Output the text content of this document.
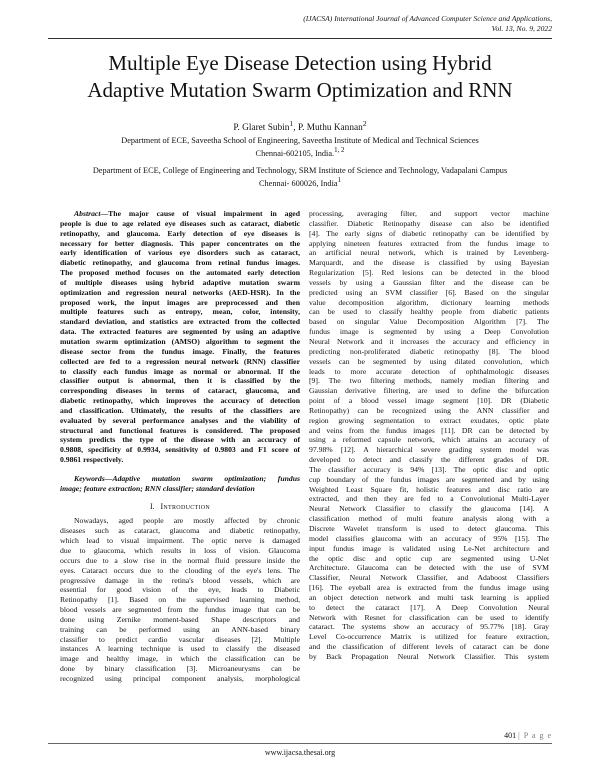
(IJACSA) International Journal of Advanced Computer Science and Applications,
Vol. 13, No. 9, 2022
Multiple Eye Disease Detection using Hybrid
Adaptive Mutation Swarm Optimization and RNN
P. Glaret Subin$^1$, P. Muthu Kannan$^2$
Department of ECE, Saveetha School of Engineering, Saveetha Institute of Medical and Technical Sciences
Chennai-602105, India.$^{1, 2}$
Department of ECE, College of Engineering and Technology, SRM Institute of Science and Technology, Vadapalani Campus
Chennai- 600026, India$^1$
Abstract—The major cause of visual impairment in aged
people is due to age related eye diseases such as cataract, diabetic
retinopathy, and glaucoma. Early detection of eye diseases is
necessary for better diagnosis. This paper concentrates on the
early identification of various eye disorders such as cataract,
diabetic retinopathy, and glaucoma from retinal fundus images.
The proposed method focuses on the automated early detection
of multiple diseases using hybrid adaptive mutation swarm
optimization and regression neural networks (AED-HSR). In the
proposed work, the input images are preprocessed and then
multiple features such as entropy, mean, color, intensity,
standard deviation, and statistics are extracted from the collected
data. The extracted features are segmented by using an adaptive
mutation swarm optimization (AMSO) algorithm to segment the
disease sector from the fundus image. Finally, the features
collected are fed to a regression neural network (RNN) classifier
to classify each fundus image as normal or abnormal. If the
classifier output is abnormal, then it is classified by the
corresponding diseases in terms of cataract, glaucoma, and
diabetic retinopathy, which improves the accuracy of detection
and classification. Ultimately, the results of the classifiers are
evaluated by several performance analyses and the viability of
structural and functional features is considered. The proposed
system predicts the type of the disease with an accuracy of
0.9808, specificity of 0.9934, sensitivity of 0.9803 and F1 score of
0.9861 respectively.
Keywords—Adaptive mutation swarm optimization; fundus
image; feature extraction; RNN classifier; standard deviation
I. Introduction
Nowadays, aged people are mostly affected by chronic
diseases such as cataract, glaucoma and diabetic retinopathy,
which lead to visual impairment. The optic nerve is damaged
due to glaucoma, which results in loss of vision. Glaucoma
occurs due to a slow rise in the normal fluid pressure inside the
eyes. Cataract occurs due to the clouding of the eye's lens. The
progressive damage in the retina's blood vessels, which are
essential for good vision of the eye, leads to Diabetic
Retinopathy [1]. Based on the supervised learning method,
blood vessels are segmented from the fundus image that can be
done using Zernike moment-based Shape descriptors and
training can be performed using an ANN-based binary
classifier to predict cardio vascular diseases [2]. Multiple
instances A learning technique is used to classify the diseased
image and healthy image, in which the classification can be
done by binary classification [3]. Microaneurysms can be
recognized using principal component analysis, morphological
processing, averaging filter, and support vector machine
classifier. Diabetic Retinopathy disease can also be identified
[4]. The early signs of diabetic retinopathy can be identified by
applying nineteen features extracted from the fundus image to
an artificial neural network, which is trained by Levenberg-
Marquardt, and the disease is classified by using Bayesian
Regularization [5]. Red lesions can be detected in the blood
vessels by using a Gaussian filter and the disease can be
predicted using an SVM classifier [6]. Based on the singular
value decomposition algorithm, dictionary learning methods
can be used to classify healthy people from diabetic patients
based on singular Value Decomposition Algorithm [7]. The
fundus image is segmented by using a Deep Convolution
Neural Network and it increases the accuracy and efficiency in
predicting non-proliferated diabetic retinopathy [8]. The blood
vessels can be segmented by using dilated convolution, which
leads to more accurate detection of ophthalmologic diseases
[9]. The two filtering methods, namely median filtering and
Gaussian derivative filtering, are used to define the bifurcation
point of a blood vessel image segment [10]. DR (Diabetic
Retinopathy) can be recognized using the ANN classifier and
region growing segmentation to extract exudates, optic plate
and veins from the fundus images [11]. DR can be detected by
using a reformed capsule network, which attains an accuracy of
97.98% [12]. A hierarchical severe grading system model was
developed to detect and classify the different grades of DR.
The classifier accuracy is 94% [13]. The optic disc and optic
cup boundary of the fundus images are segmented and by using
Weighted Least Square fit, holistic features and disc ratio are
extracted, and then they are fed to a Convolutional Multi-Layer
Neural Network Classifier to classify the glaucoma [14]. A
classification method of multi feature analysis along with a
Discrete Wavelet transform is used to detect glaucoma. This
model classifies glaucoma with an accuracy of 95% [15]. The
input fundus image is validated using Le-Net architecture and
the optic disc and optic cup are segmented using U-Net
Architecture. Glaucoma can be detected with the use of SVM
Classifier, Neural Network Classifier, and Adaboost Classifiers
[16]. The eyeball area is extracted from the fundus image using
an object detection network and multi task learning is applied
to detect the cataract [17]. A Deep Convolution Neural
Network with Resnet for classification can be used to identify
cataract. The systems show an accuracy of 95.77% [18]. Gray
Level Co-occurrence Matrix is utilized for feature extraction,
and the classification of different levels of cataract can be done
by Back Propagation Neural Network Classifier. This system
401 | P a g e
www.ijacsa.thesai.org
